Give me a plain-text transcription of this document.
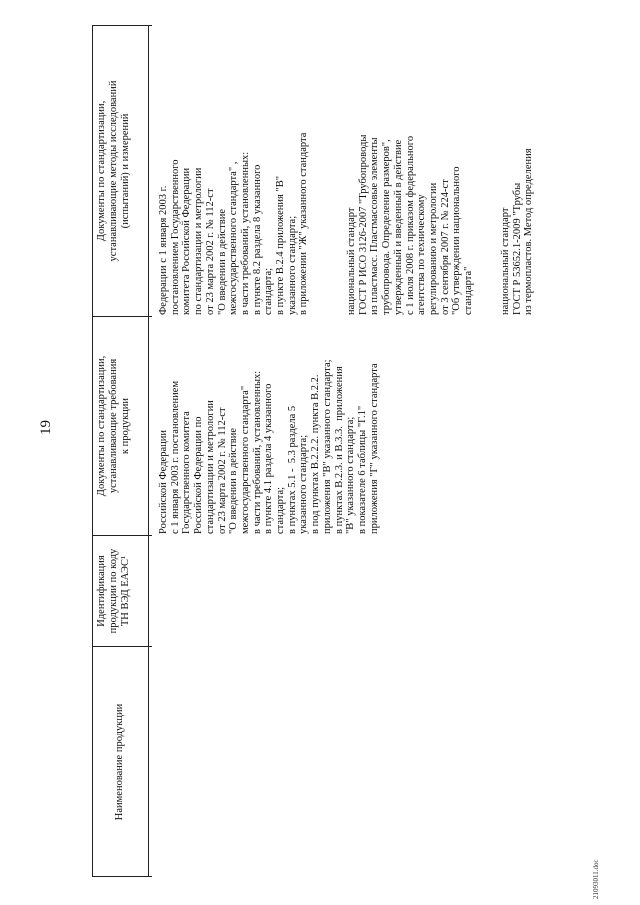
19
Наименование продукции
Идентификация
продукции по коду
ТН ВЭД ЕАЭС¹
Документы по стандартизации,
устанавливающие требования
к продукции
Документы по стандартизации,
устанавливающие методы исследований
(испытаний) и измерений
Российской Федерации с 1 января 2003 г. постановлением Государственного комитета Российской Федерации по стандартизации и метрологии от 23 марта 2002 г. № 112-ст "О введении в действие межгосударственного стандарта" в части требований, установленных: в пункте 4.1 раздела 4 указанного стандарта; в пунктах 5.1 -  5.3 раздела 5 указанного стандарта; в под пунктах В.2.2.2. пункта В.2.2. приложения "В" указанного стандарта; в пунктах В.2.3. и В.3.3.  приложения "В" указанного стандарта; в показателе 6 таблицы "Г.1" приложения "Г" указанного стандарта
Федерации с 1 января 2003 г. постановлением Государственного комитета Российской Федерации по стандартизации и метрологии от 23 марта 2002 г. № 112-ст "О введении в действие межгосударственного стандарта" , в части требований, установленных: в пункте 8.2 раздела 8 указанного стандарта; в пункте В.2.4 приложения "В" указанного стандарта; в приложении "Ж" указанного стандарта	национальный стандарт ГОСТ Р ИСО 3126-2007 "Трубопроводы из пластмасс. Пластмассовые элементы трубопровода. Определение размеров", утвержденный и введенный в действие с 1 июля 2008 г. приказом федерального агентства по техническому регулированию и метрологии от 3 сентября 2007 г. № 224-ст "Об утверждении национального стандарта" национальный стандарт ГОСТ Р 53652.1-2009 "Трубы из термопластов. Метод определения
21093011.doc
